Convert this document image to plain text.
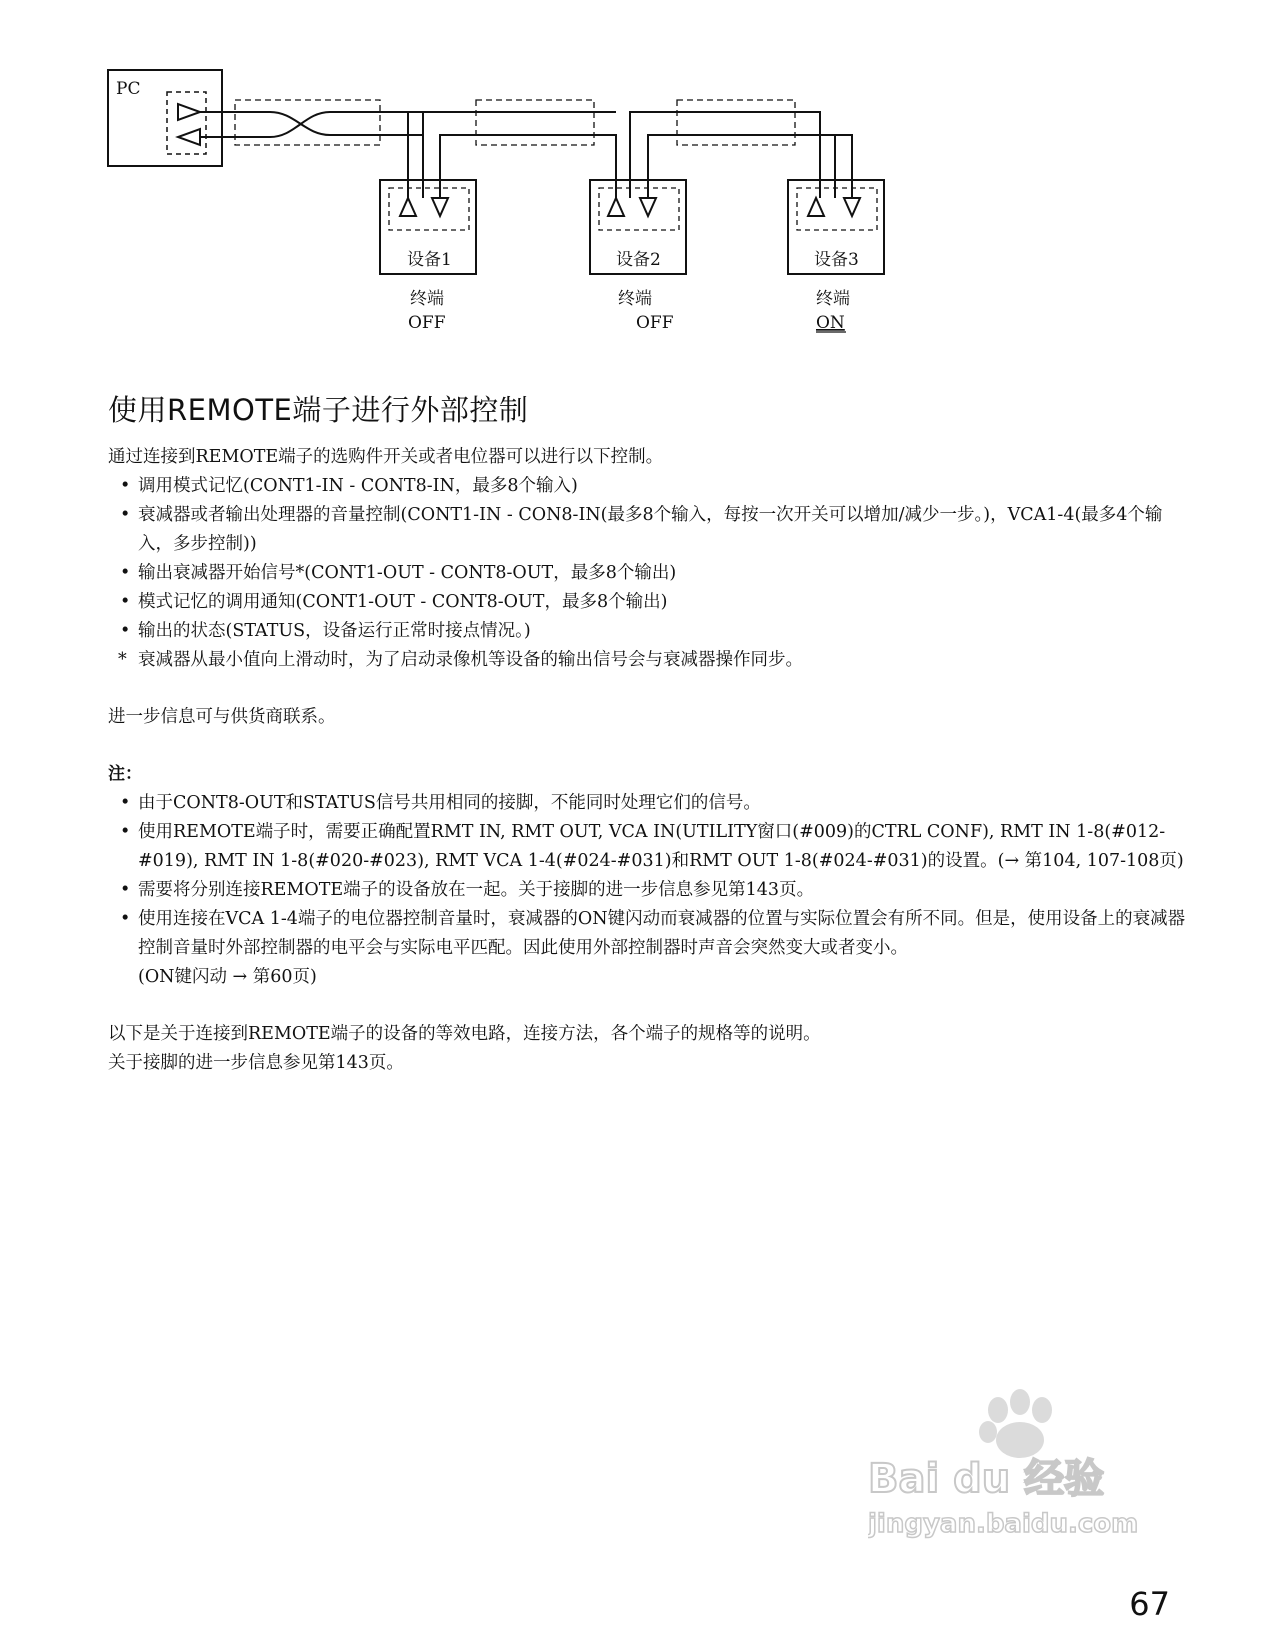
PC
设备1	设备2	设备3
终端
OFF
终端
OFF
终端
ON
使用REMOTE端子进行外部控制

通过连接到REMOTE端子的选购件开关或者电位器可以进行以下控制。

• 调用模式记忆(CONT1-IN - CONT8-IN，最多8个输入)
• 衰减器或者输出处理器的音量控制(CONT1-IN - CON8-IN(最多8个输入，每按一次开关可以增加/减少一步。)，VCA1-4(最多4个输入，多步控制))
• 输出衰减器开始信号*(CONT1-OUT - CONT8-OUT，最多8个输出)
• 模式记忆的调用通知(CONT1-OUT - CONT8-OUT，最多8个输出)
• 输出的状态(STATUS，设备运行正常时接点情况。)
* 衰减器从最小值向上滑动时，为了启动录像机等设备的输出信号会与衰减器操作同步。

进一步信息可与供货商联系。

注：
• 由于CONT8-OUT和STATUS信号共用相同的接脚，不能同时处理它们的信号。
• 使用REMOTE端子时，需要正确配置RMT IN, RMT OUT, VCA IN(UTILITY窗口(#009)的CTRL CONF), RMT IN 1-8(#012-#019), RMT IN 1-8(#020-#023), RMT VCA 1-4(#024-#031)和RMT OUT 1-8(#024-#031)的设置。(→ 第104, 107-108页)
• 需要将分别连接REMOTE端子的设备放在一起。关于接脚的进一步信息参见第143页。
• 使用连接在VCA 1-4端子的电位器控制音量时，衰减器的ON键闪动而衰减器的位置与实际位置会有所不同。但是，使用设备上的衰减器控制音量时外部控制器的电平会与实际电平匹配。因此使用外部控制器时声音会突然变大或者变小。
(ON键闪动 → 第60页)

以下是关于连接到REMOTE端子的设备的等效电路，连接方法，各个端子的规格等的说明。

关于接脚的进一步信息参见第143页。

Bai du 经验
jingyan.baidu.com
67
